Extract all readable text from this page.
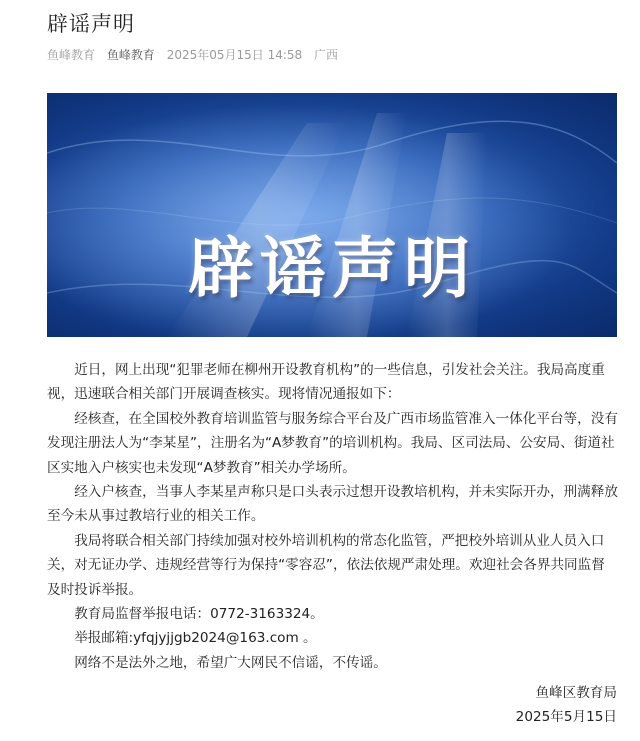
辟谣声明
鱼峰教育 鱼峰教育 2025年05月15日 14:58 广西
辟谣声明

近日，网上出现“犯罪老师在柳州开设教育机构”的一些信息，引发社会关注。我局高度重视，迅速联合相关部门开展调查核实。现将情况通报如下：

经核查，在全国校外教育培训监管与服务综合平台及广西市场监管准入一体化平台等，没有发现注册法人为“李某星”，注册名为“A梦教育”的培训机构。我局、区司法局、公安局、街道社区实地入户核实也未发现“A梦教育”相关办学场所。

经入户核查，当事人李某星声称只是口头表示过想开设教培机构，并未实际开办，刑满释放至今未从事过教培行业的相关工作。

我局将联合相关部门持续加强对校外培训机构的常态化监管，严把校外培训从业人员入口关，对无证办学、违规经营等行为保持“零容忍”，依法依规严肃处理。欢迎社会各界共同监督及时投诉举报。

教育局监督举报电话：0772-3163324。

举报邮箱:yfqjyjjgb2024@163.com 。

网络不是法外之地，希望广大网民不信谣，不传谣。

鱼峰区教育局
2025年5月15日
